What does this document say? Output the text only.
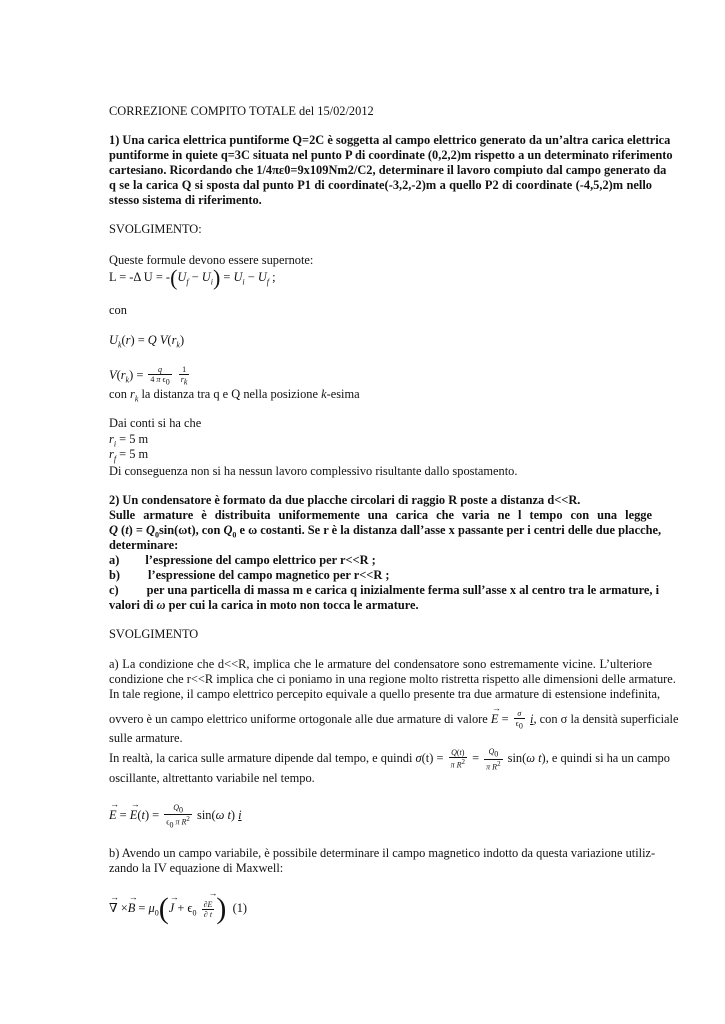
CORREZIONE COMPITO TOTALE del 15/02/2012
1) Una carica elettrica puntiforme Q=2C è soggetta al campo elettrico generato da un’altra carica elettrica
puntiforme in quiete q=3C situata nel punto P di coordinate (0,2,2)m rispetto a un determinato riferimento
cartesiano. Ricordando che 1/4πε0=9x109Nm2/C2, determinare il lavoro compiuto dal campo generato da
q se la carica Q si sposta dal punto P1 di coordinate(-3,2,-2)m a quello P2 di coordinate (-4,5,2)m nello
stesso sistema di riferimento.
SVOLGIMENTO:
Queste formule devono essere supernote:
L = -Δ $U = -(U_f - U_i) = U_i - U_f$ ;
con
$U_k(r) = Q$ $V(r_k)$
$V(r_k) = \frac{q}{4 \pi \epsilon_0}$
$\frac{1}{r_k}$
con $r_k$ la distanza tra q e Q nella posizione k-esima
Dai conti si ha che
$r_i = 5$ m
$r_f = 5$ m
Di conseguenza non si ha nessun lavoro complessivo risultante dallo spostamento.
2) Un condensatore è formato da due placche circolari di raggio R poste a distanza d<<R.
Sulle armature è distribuita uniformemente una carica che varia ne l tempo con una legge
Q $(t) = Q_0\sin(\omega t)$, con $Q_0$ e ω costanti. Se r è la distanza dall’asse x passante per i centri delle due placche,
determinare:
a) l’espressione del campo elettrico per r<<R ;
b) l’espressione del campo magnetico per r<<R ;
c) per una particella di massa m e carica q inizialmente ferma sull’asse x al centro tra le armature, i
valori di ω per cui la carica in moto non tocca le armature.
SVOLGIMENTO
a) La condizione che d<<R, implica che le armature del condensatore sono estremamente vicine. L’ulteriore
condizione che r<<R implica che ci poniamo in una regione molto ristretta rispetto alle dimensioni delle armature.
In tale regione, il campo elettrico percepito equivale a quello presente tra due armature di estensione indefinita,
ovvero è un campo elettrico uniforme ortogonale alle due armature di valore → $E = \frac{\sigma}{\epsilon_0} i$, con σ la densità superficiale
sulle armature.
In realtà, la carica sulle armature dipende dal tempo, e quindi $\sigma(t) = \frac{Q(t)}{\pi R^2} = \frac{Q_0}{\pi R^2} \sin(\omega$ t), e quindi si ha un campo
oscillante, altrettanto variabile nel tempo.
→ E = → $E(t) = \frac{Q_0}{\epsilon_0 \pi R^2} \sin(\omega$ t) i
b) Avendo un campo variabile, è possibile determinare il campo magnetico indotto da questa variazione utiliz-
zando la IV equazione di Maxwell:
→ ∇ ×→ $B = \mu_0(\to J + \epsilon_0 \frac{\partial\to E}{\partial t}$ ) (1)
